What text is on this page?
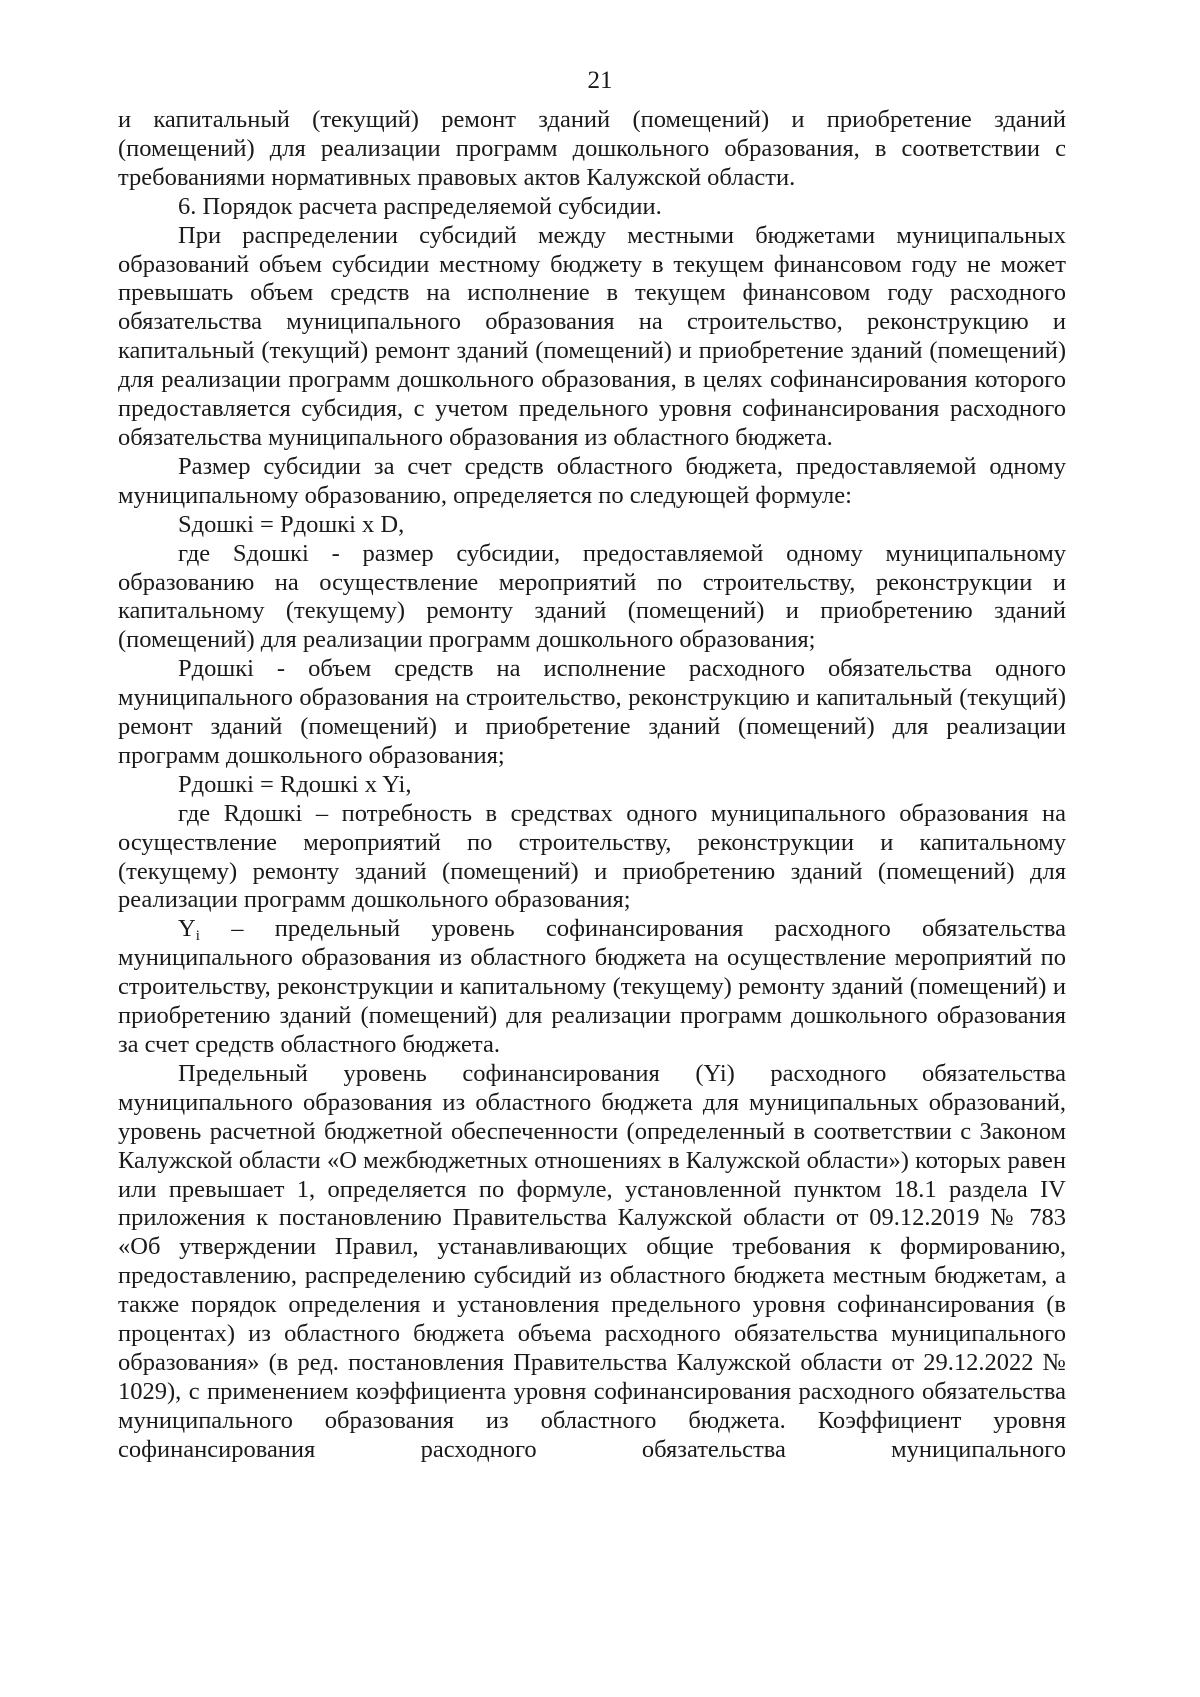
21

и капитальный (текущий) ремонт зданий (помещений) и приобретение зданий (помещений) для реализации программ дошкольного образования, в соответствии с требованиями нормативных правовых актов Калужской области.

6. Порядок расчета распределяемой субсидии.

При распределении субсидий между местными бюджетами муниципальных образований объем субсидии местному бюджету в текущем финансовом году не может превышать объем средств на исполнение в текущем финансовом году расходного обязательства муниципального образования на строительство, реконструкцию и капитальный (текущий) ремонт зданий (помещений) и приобретение зданий (помещений) для реализации программ дошкольного образования, в целях софинансирования которого предоставляется субсидия, с учетом предельного уровня софинансирования расходного обязательства муниципального образования из областного бюджета.

Размер субсидии за счет средств областного бюджета, предоставляемой одному муниципальному образованию, определяется по следующей формуле:

Sдошкi = Pдошкi x D,

где Sдошкi - размер субсидии, предоставляемой одному муниципальному образованию на осуществление мероприятий по строительству, реконструкции и капитальному (текущему) ремонту зданий (помещений) и приобретению зданий (помещений) для реализации программ дошкольного образования;

Pдошкi - объем средств на исполнение расходного обязательства одного муниципального образования на строительство, реконструкцию и капитальный (текущий) ремонт зданий (помещений) и приобретение зданий (помещений) для реализации программ дошкольного образования;

Pдошкi = Rдошкi x Yi,

где Rдошкi – потребность в средствах одного муниципального образования на осуществление мероприятий по строительству, реконструкции и капитальному (текущему) ремонту зданий (помещений) и приобретению зданий (помещений) для реализации программ дошкольного образования;

$Y_i$ – предельный уровень софинансирования расходного обязательства муниципального образования из областного бюджета на осуществление мероприятий по строительству, реконструкции и капитальному (текущему) ремонту зданий (помещений) и приобретению зданий (помещений) для реализации программ дошкольного образования за счет средств областного бюджета.

Предельный уровень софинансирования (Yi) расходного обязательства муниципального образования из областного бюджета для муниципальных образований, уровень расчетной бюджетной обеспеченности (определенный в соответствии с Законом Калужской области «О межбюджетных отношениях в Калужской области») которых равен или превышает 1, определяется по формуле, установленной пунктом 18.1 раздела IV приложения к постановлению Правительства Калужской области от 09.12.2019 № 783 «Об утверждении Правил, устанавливающих общие требования к формированию, предоставлению, распределению субсидий из областного бюджета местным бюджетам, а также порядок определения и установления предельного уровня софинансирования (в процентах) из областного бюджета объема расходного обязательства муниципального образования» (в ред. постановления Правительства Калужской области от 29.12.2022 № 1029), с применением коэффициента уровня софинансирования расходного обязательства муниципального образования из областного бюджета. Коэффициент уровня софинансирования расходного обязательства муниципального
